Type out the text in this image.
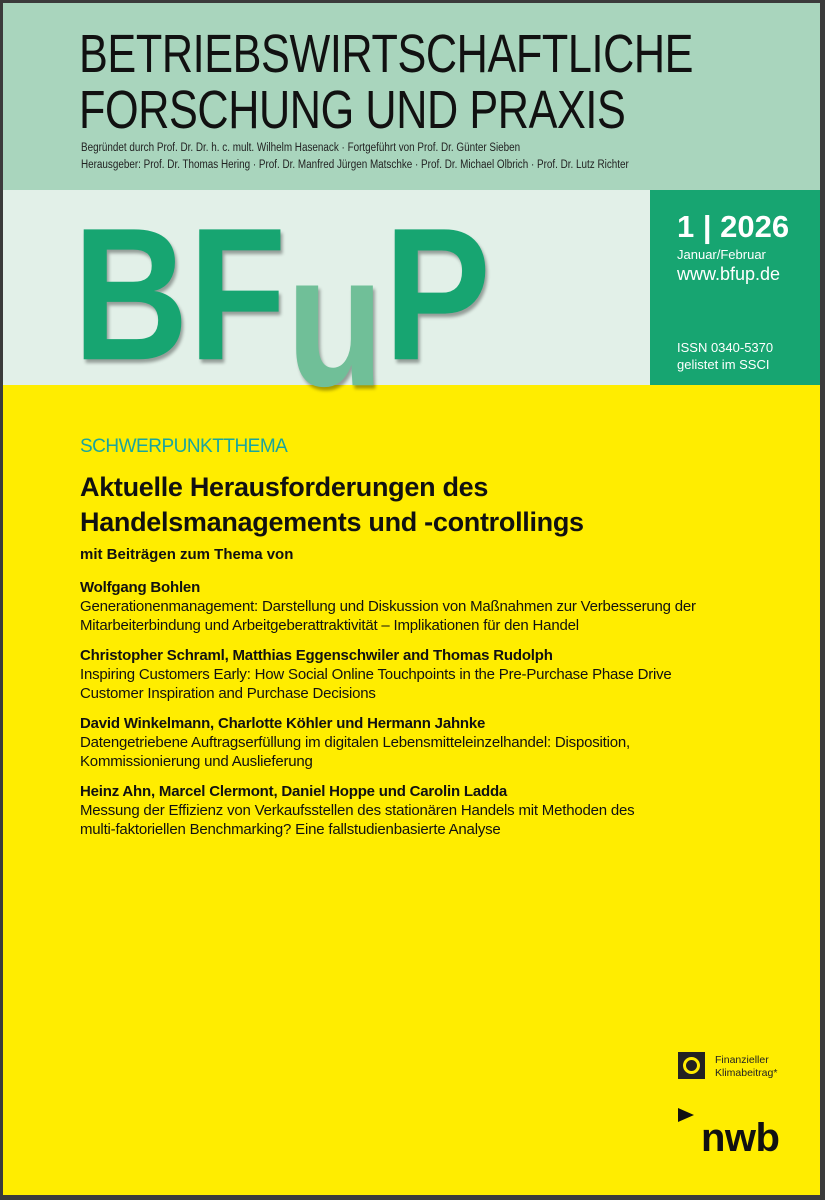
BETRIEBSWIRTSCHAFTLICHE
FORSCHUNG UND PRAXIS
Begründet durch Prof. Dr. Dr. h. c. mult. Wilhelm Hasenack · Fortgeführt von Prof. Dr. Günter Sieben
Herausgeber: Prof. Dr. Thomas Hering · Prof. Dr. Manfred Jürgen Matschke · Prof. Dr. Michael Olbrich · Prof. Dr. Lutz Richter
B F u P	1 | 2026
Januar/Februar
www.bfup.de
ISSN 0340-5370
gelistet im SSCI
SCHWERPUNKTTHEMA
Aktuelle Herausforderungen des
Handelsmanagements und -controllings
mit Beiträgen zum Thema von
Wolfgang Bohlen
Generationenmanagement: Darstellung und Diskussion von Maßnahmen zur Verbesserung der Mitarbeiterbindung und Arbeitgeberattraktivität – Implikationen für den Handel
Christopher Schraml, Matthias Eggenschwiler and Thomas Rudolph
Inspiring Customers Early: How Social Online Touchpoints in the Pre-Purchase Phase Drive Customer Inspiration and Purchase Decisions
David Winkelmann, Charlotte Köhler und Hermann Jahnke
Datengetriebene Auftragserfüllung im digitalen Lebensmitteleinzelhandel: Disposition, Kommissionierung und Auslieferung
Heinz Ahn, Marcel Clermont, Daniel Hoppe und Carolin Ladda
Messung der Effizienz von Verkaufsstellen des stationären Handels mit Methoden des multi-faktoriellen Benchmarking? Eine fallstudienbasierte Analyse
Finanzieller
Klimabeitrag*
nwb
